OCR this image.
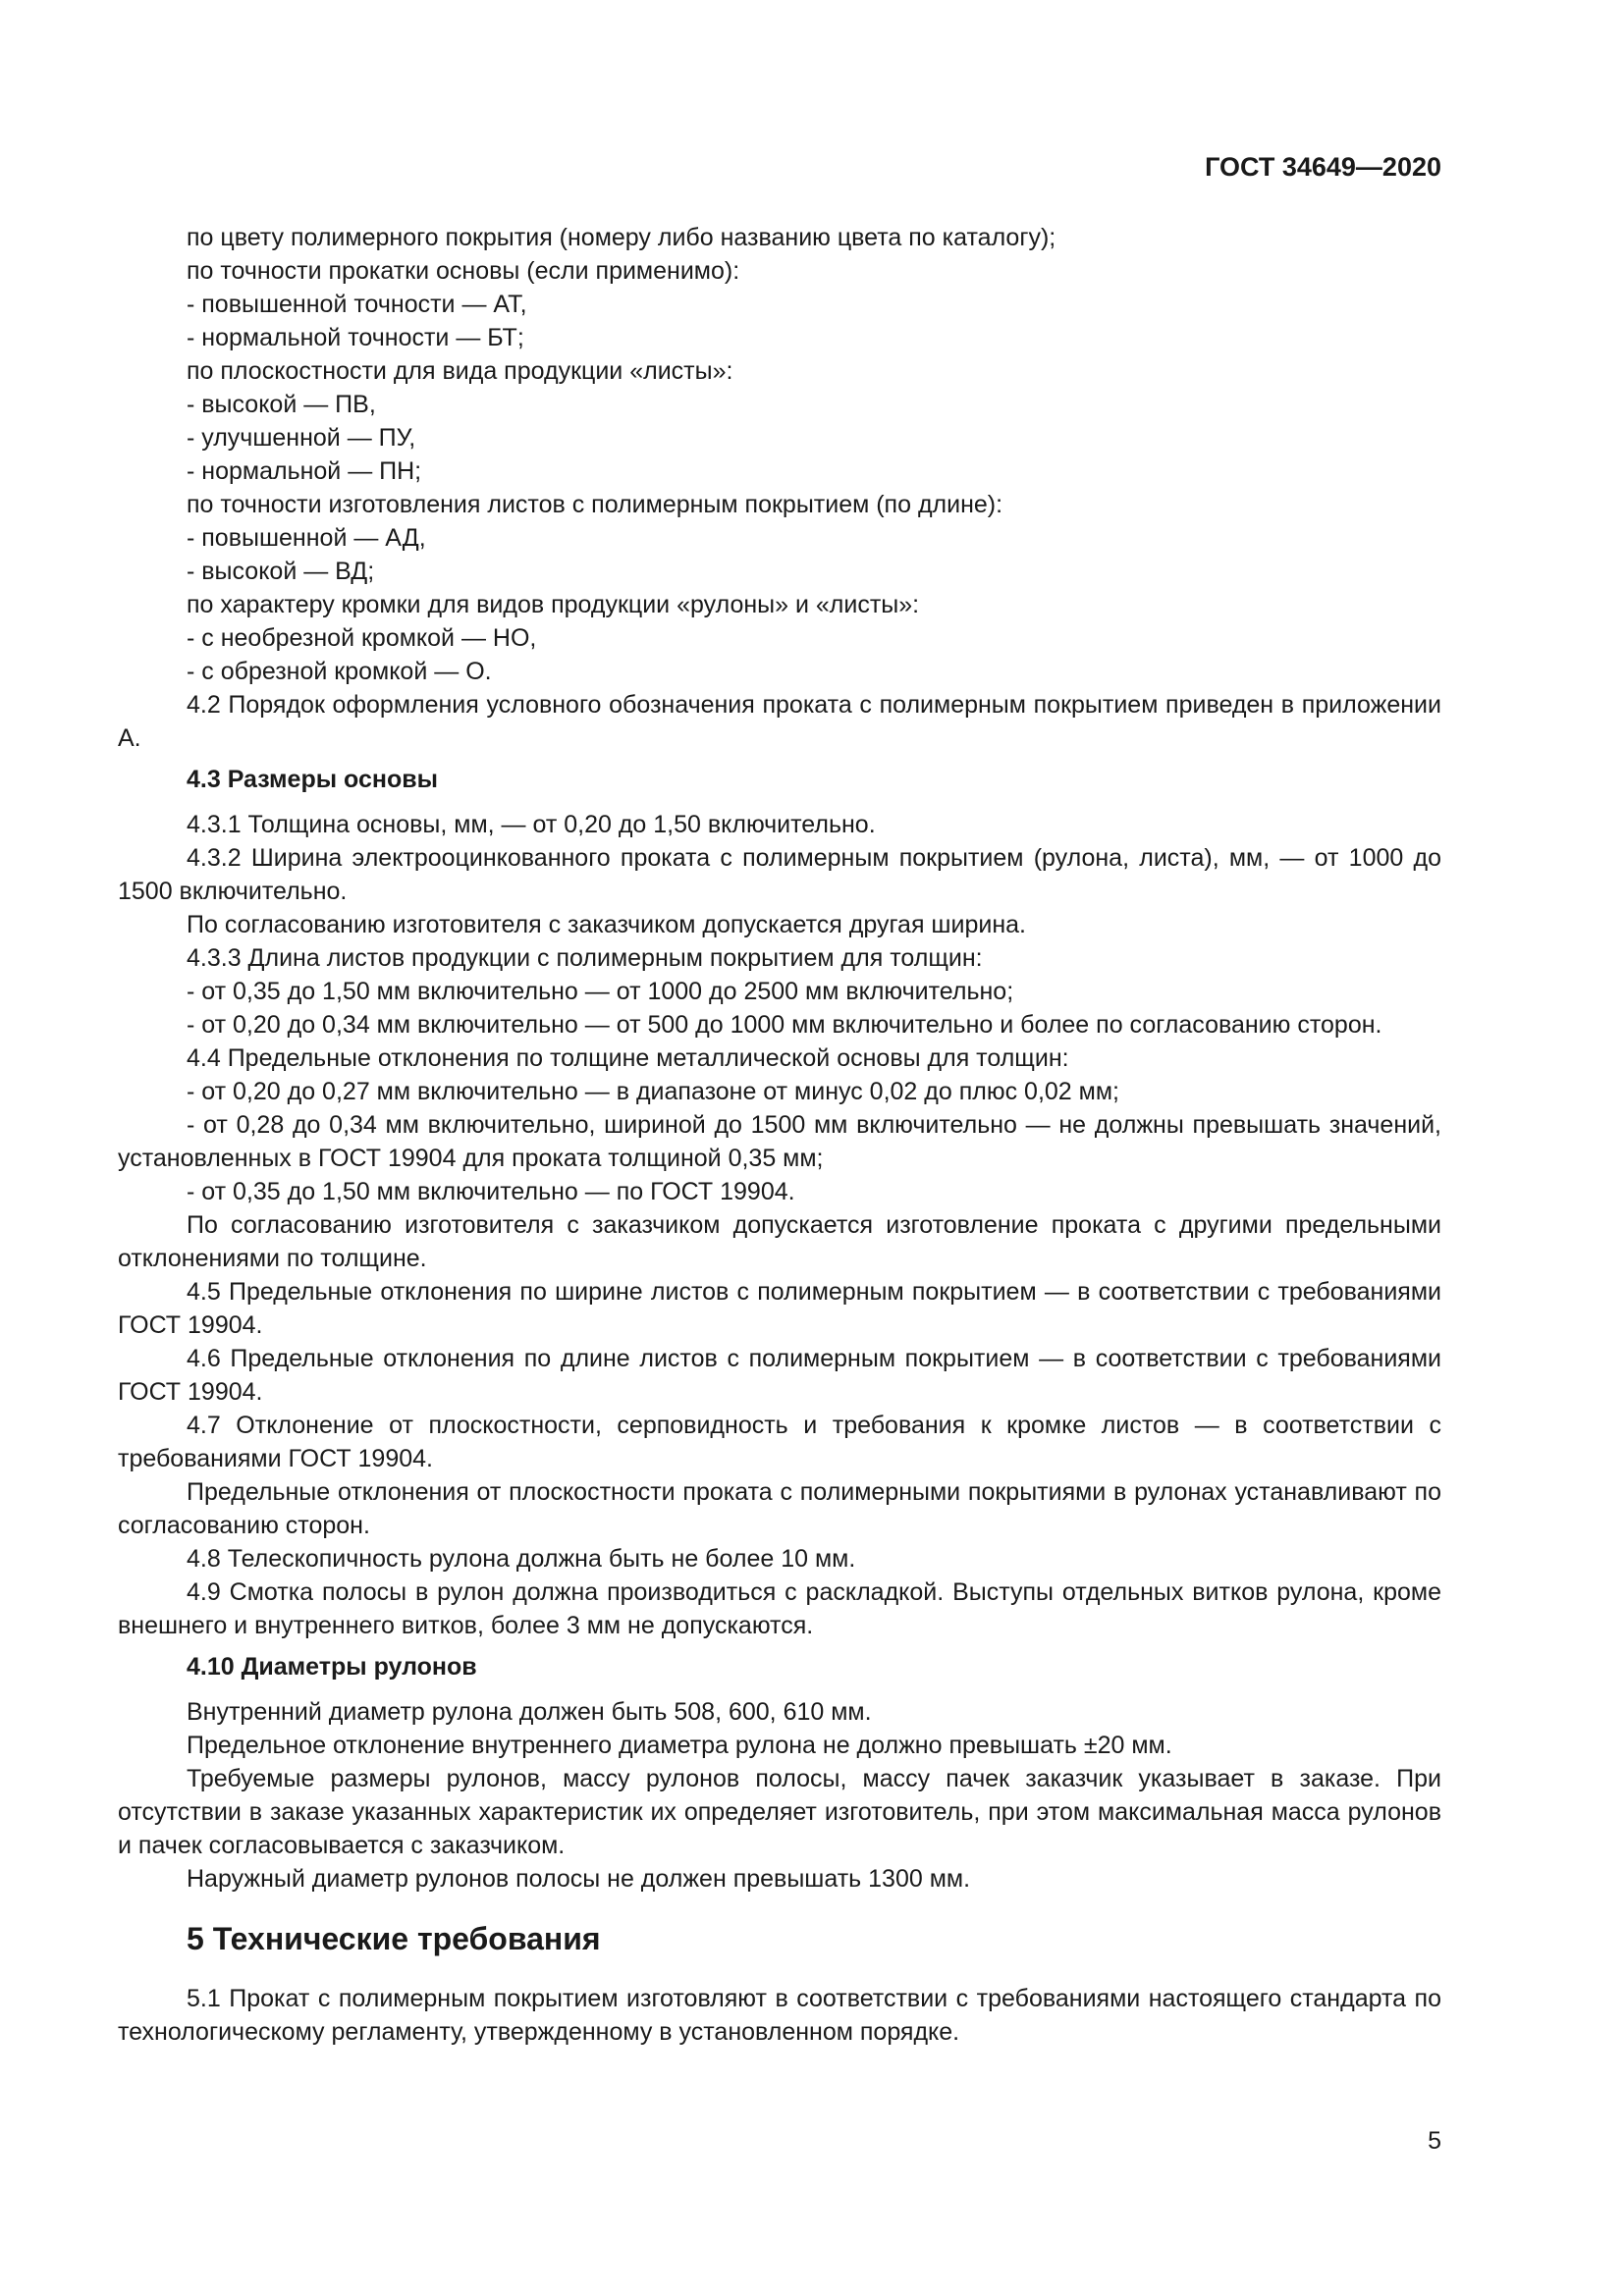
ГОСТ 34649—2020

по цвету полимерного покрытия (номеру либо названию цвета по каталогу);

по точности прокатки основы (если применимо):

- повышенной точности — АТ,

- нормальной точности — БТ;

по плоскостности для вида продукции «листы»:

- высокой — ПВ,

- улучшенной — ПУ,

- нормальной — ПН;

по точности изготовления листов с полимерным покрытием (по длине):

- повышенной — АД,

- высокой — ВД;

по характеру кромки для видов продукции «рулоны» и «листы»:

- с необрезной кромкой — НО,

- с обрезной кромкой — О.

4.2 Порядок оформления условного обозначения проката с полимерным покрытием приведен в приложении А.

4.3 Размеры основы

4.3.1 Толщина основы, мм, — от 0,20 до 1,50 включительно.

4.3.2 Ширина электрооцинкованного проката с полимерным покрытием (рулона, листа), мм, — от 1000 до 1500 включительно.

По согласованию изготовителя с заказчиком допускается другая ширина.

4.3.3 Длина листов продукции с полимерным покрытием для толщин:

- от 0,35 до 1,50 мм включительно — от 1000 до 2500 мм включительно;

- от 0,20 до 0,34 мм включительно — от 500 до 1000 мм включительно и более по согласованию сторон.

4.4 Предельные отклонения по толщине металлической основы для толщин:

- от 0,20 до 0,27 мм включительно — в диапазоне от минус 0,02 до плюс 0,02 мм;

- от 0,28 до 0,34 мм включительно, шириной до 1500 мм включительно — не должны превышать значений, установленных в ГОСТ 19904 для проката толщиной 0,35 мм;

- от 0,35 до 1,50 мм включительно — по ГОСТ 19904.

По согласованию изготовителя с заказчиком допускается изготовление проката с другими предельными отклонениями по толщине.

4.5 Предельные отклонения по ширине листов с полимерным покрытием — в соответствии с требованиями ГОСТ 19904.

4.6 Предельные отклонения по длине листов с полимерным покрытием — в соответствии с требованиями ГОСТ 19904.

4.7 Отклонение от плоскостности, серповидность и требования к кромке листов — в соответствии с требованиями ГОСТ 19904.

Предельные отклонения от плоскостности проката с полимерными покрытиями в рулонах устанавливают по согласованию сторон.

4.8 Телескопичность рулона должна быть не более 10 мм.

4.9 Смотка полосы в рулон должна производиться с раскладкой. Выступы отдельных витков рулона, кроме внешнего и внутреннего витков, более 3 мм не допускаются.

4.10 Диаметры рулонов

Внутренний диаметр рулона должен быть 508, 600, 610 мм.

Предельное отклонение внутреннего диаметра рулона не должно превышать ±20 мм.

Требуемые размеры рулонов, массу рулонов полосы, массу пачек заказчик указывает в заказе. При отсутствии в заказе указанных характеристик их определяет изготовитель, при этом максимальная масса рулонов и пачек согласовывается с заказчиком.

Наружный диаметр рулонов полосы не должен превышать 1300 мм.

5 Технические требования

5.1 Прокат с полимерным покрытием изготовляют в соответствии с требованиями настоящего стандарта по технологическому регламенту, утвержденному в установленном порядке.

5
